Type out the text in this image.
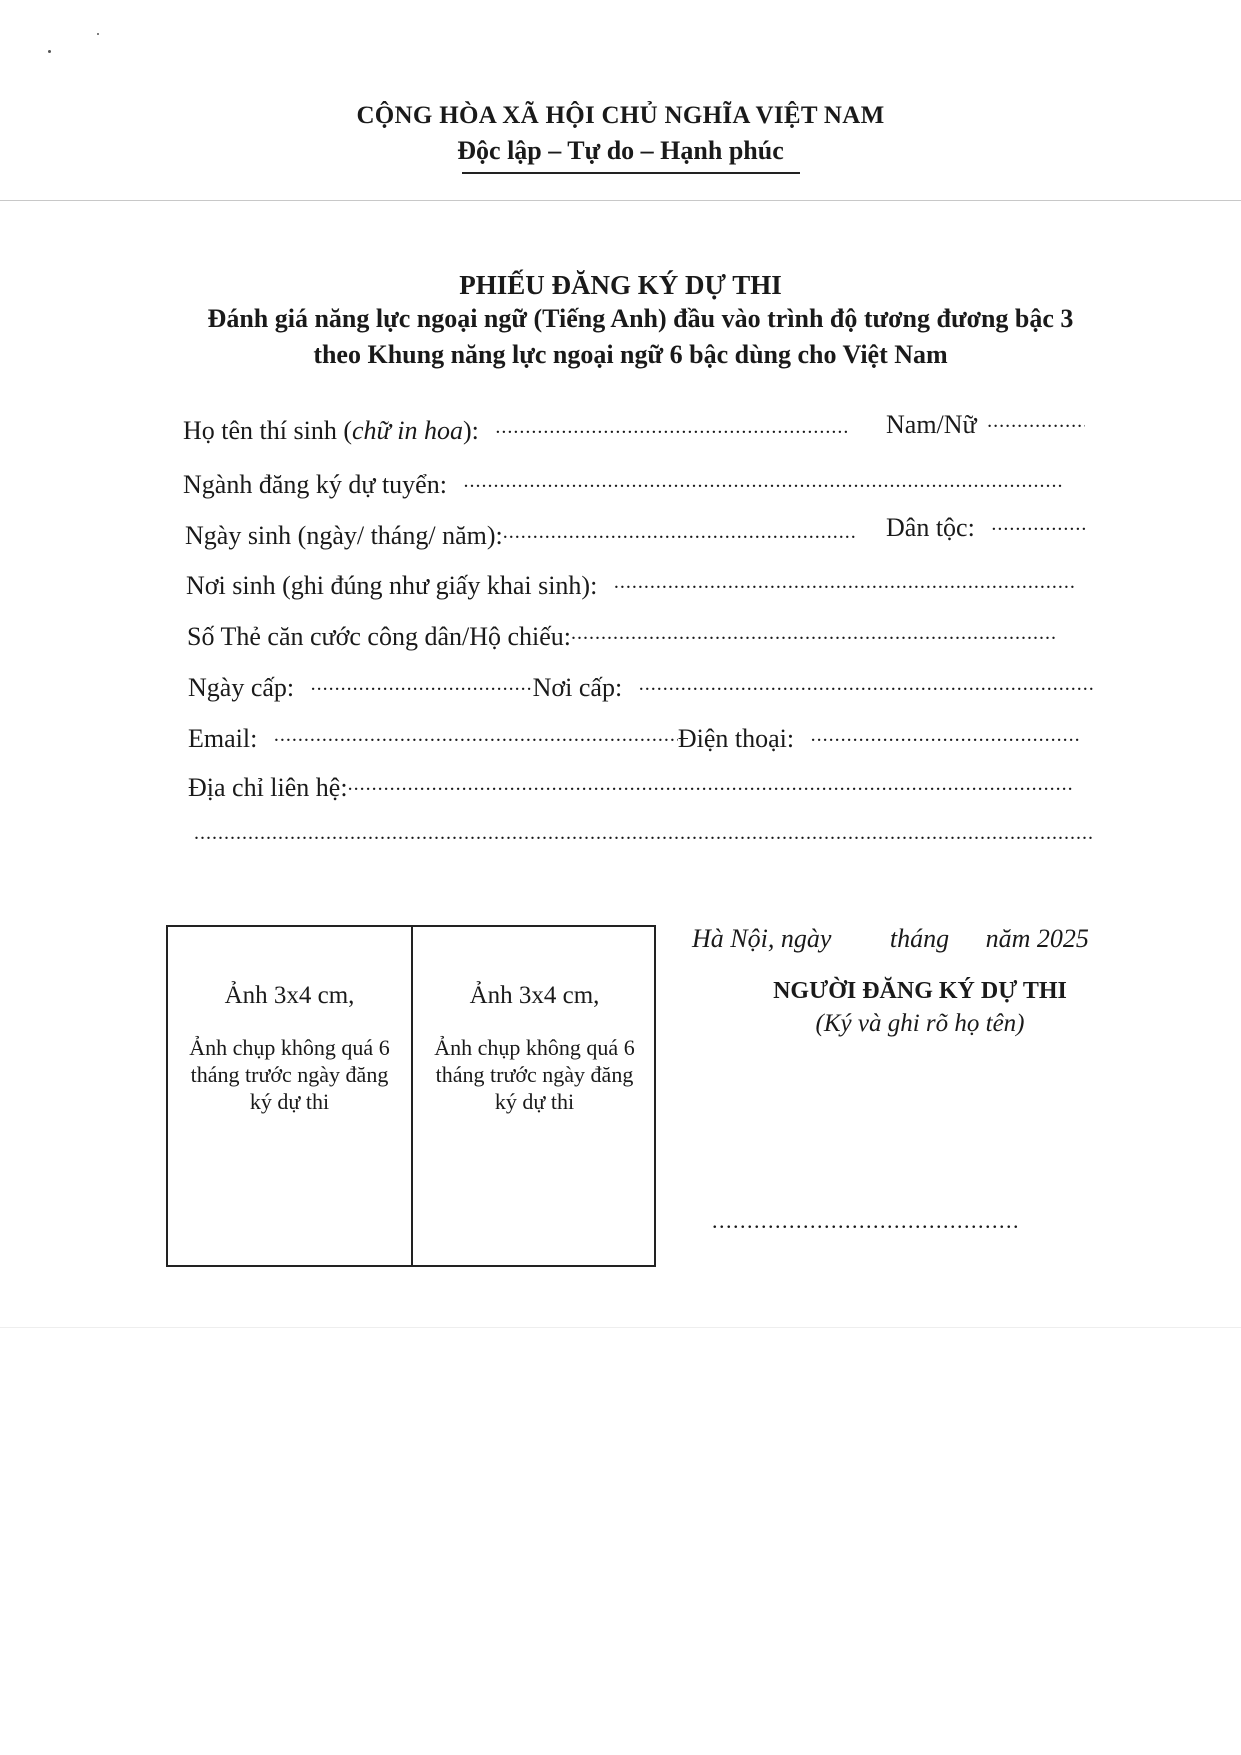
CỘNG HÒA XÃ HỘI CHỦ NGHĨA VIỆT NAM
Độc lập – Tự do – Hạnh phúc
PHIẾU ĐĂNG KÝ DỰ THI
Đánh giá năng lực ngoại ngữ (Tiếng Anh) đầu vào trình độ tương đương bậc 3
theo Khung năng lực ngoại ngữ 6 bậc dùng cho Việt Nam
Họ tên thí sinh (chữ in hoa): .....	Nam/Nữ .....
Ngành đăng ký dự tuyển: .....
Ngày sinh (ngày/ tháng/ năm): .....	Dân tộc: .....
Nơi sinh (ghi đúng như giấy khai sinh): .....
Số Thẻ căn cước công dân/Hộ chiếu:.....
Ngày cấp: .....	Nơi cấp: .....
Email: .....	Điện thoại: .....
Địa chỉ liên hệ:.....
.....
Ảnh 3x4 cm,
Ảnh chụp không quá 6 tháng trước ngày đăng ký dự thi
Ảnh 3x4 cm,
Ảnh chụp không quá 6 tháng trước ngày đăng ký dự thi
Hà Nội, ngày tháng năm 2025
NGƯỜI ĐĂNG KÝ DỰ THI
(Ký và ghi rõ họ tên)
............................................
